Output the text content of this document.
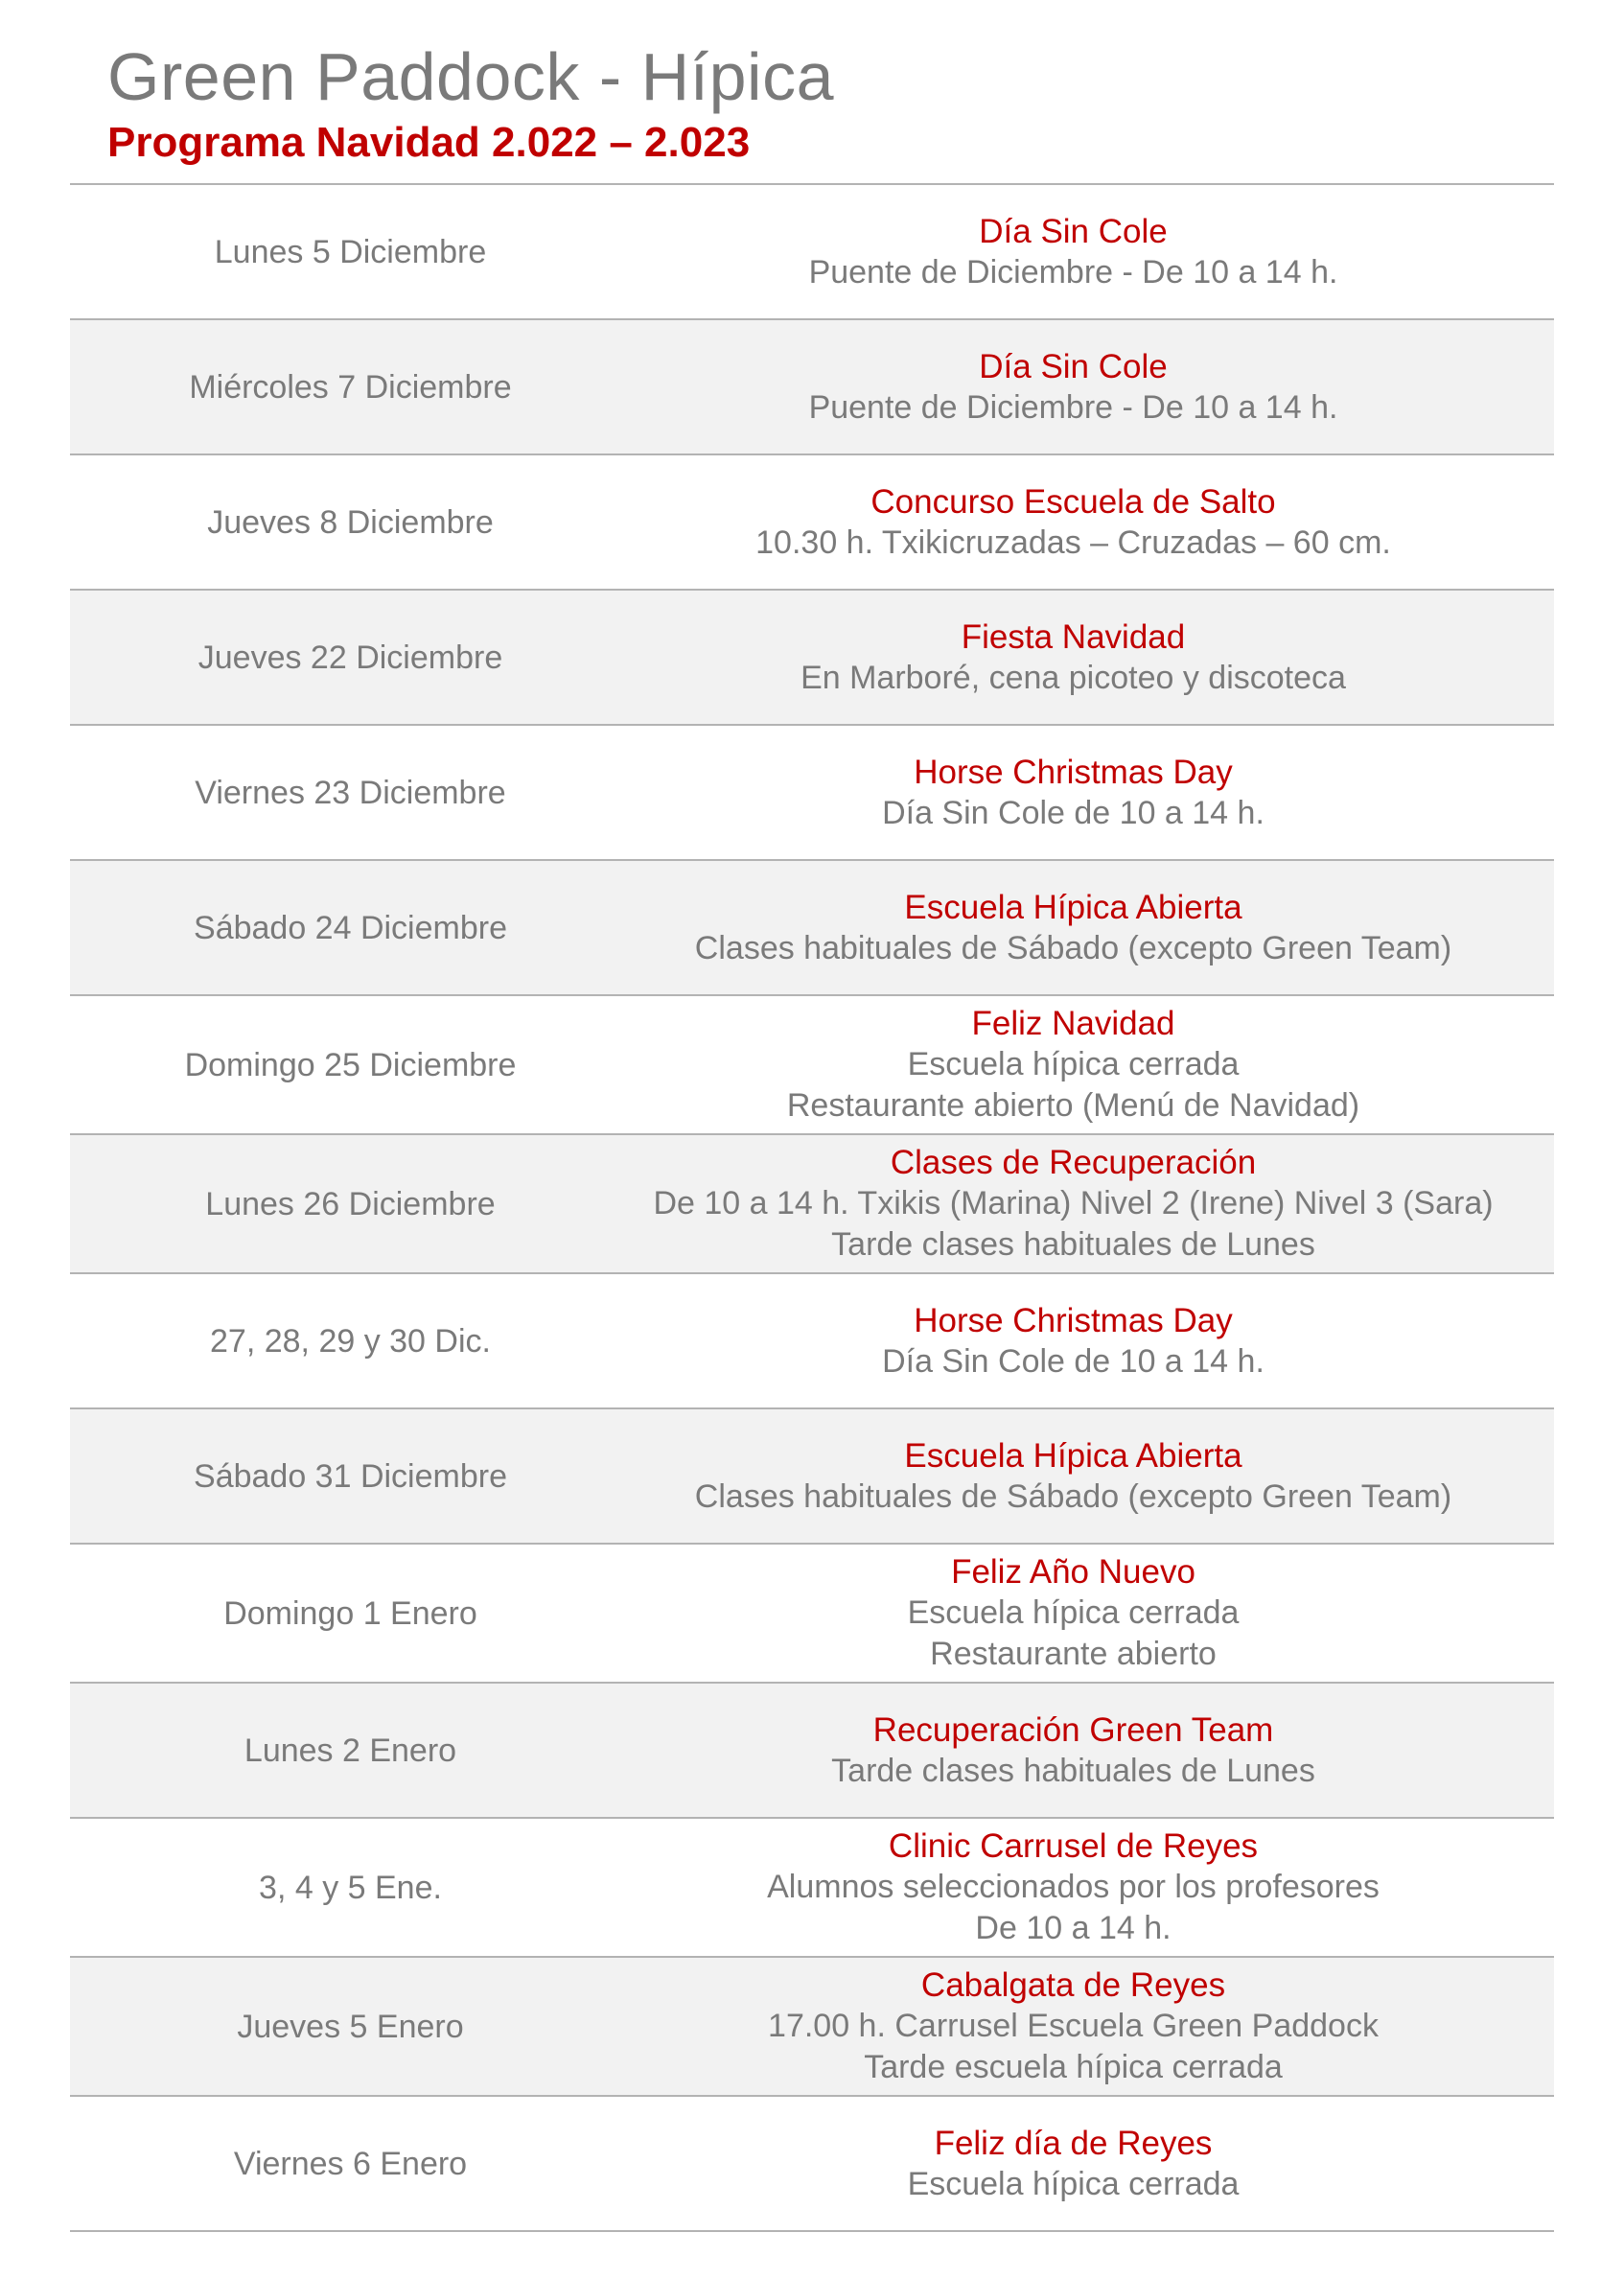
Green Paddock - Hípica
Programa Navidad 2.022 – 2.023
Lunes 5 Diciembre
Día Sin Cole
Puente de Diciembre - De 10 a 14 h.
Miércoles 7 Diciembre
Día Sin Cole
Puente de Diciembre - De 10 a 14 h.
Jueves 8 Diciembre
Concurso Escuela de Salto
10.30 h. Txikicruzadas – Cruzadas – 60 cm.
Jueves 22 Diciembre
Fiesta Navidad
En Marboré, cena picoteo y discoteca
Viernes 23 Diciembre
Horse Christmas Day
Día Sin Cole de 10 a 14 h.
Sábado 24 Diciembre
Escuela Hípica Abierta
Clases habituales de Sábado (excepto Green Team)
Domingo 25 Diciembre
Feliz Navidad
Escuela hípica cerrada
Restaurante abierto (Menú de Navidad)
Lunes 26 Diciembre
Clases de Recuperación
De 10 a 14 h. Txikis (Marina) Nivel 2 (Irene) Nivel 3 (Sara)
Tarde clases habituales de Lunes
27, 28, 29 y 30 Dic.
Horse Christmas Day
Día Sin Cole de 10 a 14 h.
Sábado 31 Diciembre
Escuela Hípica Abierta
Clases habituales de Sábado (excepto Green Team)
Domingo 1 Enero
Feliz Año Nuevo
Escuela hípica cerrada
Restaurante abierto
Lunes 2 Enero
Recuperación Green Team
Tarde clases habituales de Lunes
3, 4 y 5 Ene.
Clinic Carrusel de Reyes
Alumnos seleccionados por los profesores
De 10 a 14 h.
Jueves 5 Enero
Cabalgata de Reyes
17.00 h. Carrusel Escuela Green Paddock
Tarde escuela hípica cerrada
Viernes 6 Enero
Feliz día de Reyes
Escuela hípica cerrada
